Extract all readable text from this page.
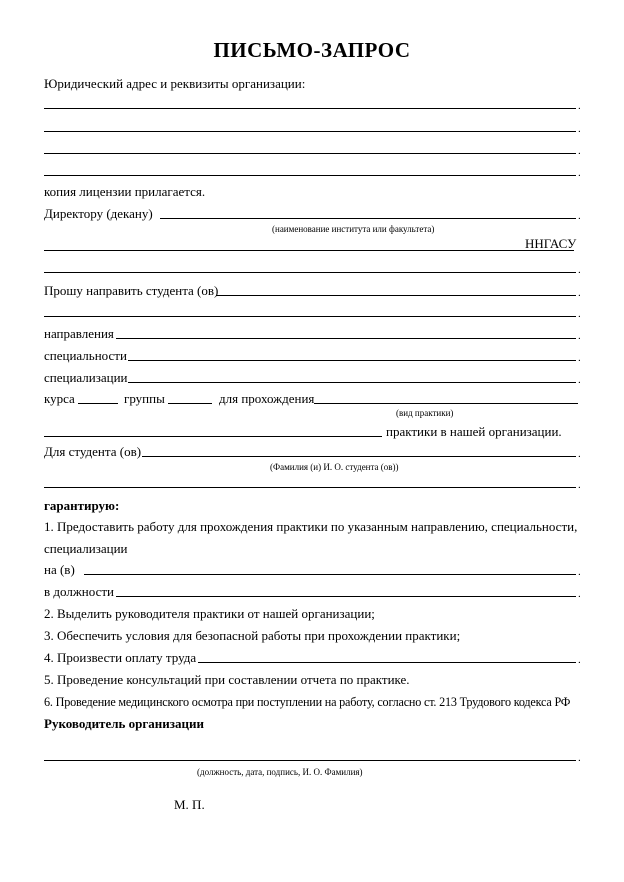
ПИСЬМО-ЗАПРОС
Юридический адрес и реквизиты организации:
.
.
.
.
копия лицензии прилагается.
Директору (декану)	.
(наименование института или факультета)
ННГАСУ
.
Прошу направить студента (ов)	.
.
направления	.
специальности	.
специализации	.
курса	группы	для прохождения
(вид практики)
практики в нашей организации.
Для студента (ов)	.
(Фамилия (и) И. О. студента (ов))
.
гарантирую:
1. Предоставить работу для прохождения практики по указанным направлению, специальности,
специализации
на (в)	.
в должности	.
2. Выделить руководителя практики от нашей организации;
3. Обеспечить условия для безопасной работы при прохождении практики;
4. Произвести оплату труда	.
5. Проведение консультаций при составлении отчета по практике.
6. Проведение медицинского осмотра при поступлении на работу, согласно ст. 213 Трудового кодекса РФ
Руководитель организации
.
(должность, дата, подпись, И. О. Фамилия)
М. П.
